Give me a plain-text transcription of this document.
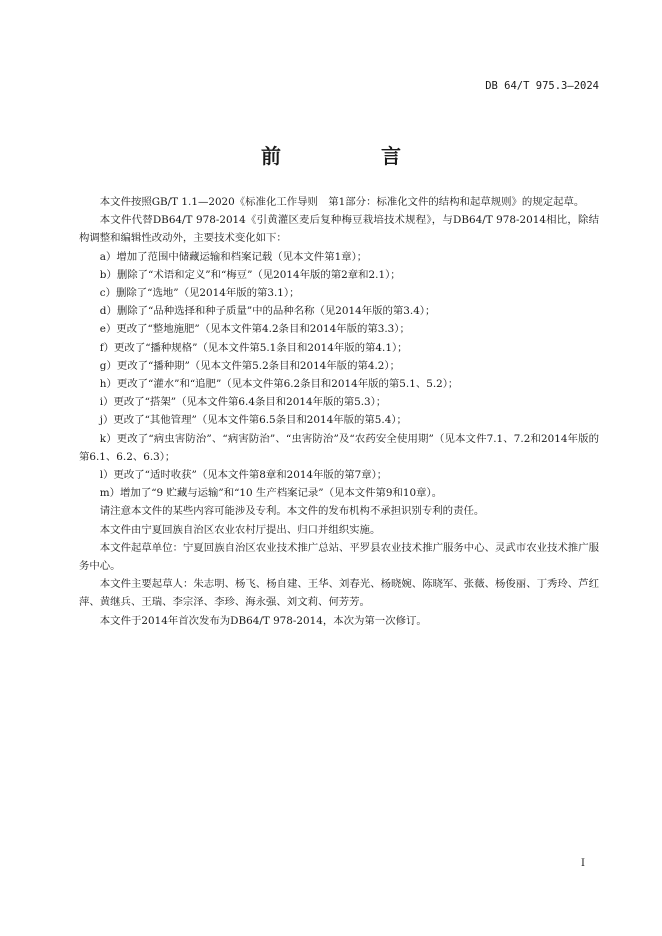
DB 64/T 975.3—2024
前　言

本文件按照GB/T 1.1—2020《标准化工作导则　第1部分：标准化文件的结构和起草规则》的规定起草。

本文件代替DB64/T 978-2014《引黄灌区麦后复种梅豆栽培技术规程》，与DB64/T 978-2014相比，除结构调整和编辑性改动外，主要技术变化如下：

a）增加了范围中储藏运输和档案记载（见本文件第1章）；

b）删除了“术语和定义”和“梅豆”（见2014年版的第2章和2.1）；

c）删除了“选地”（见2014年版的第3.1）；

d）删除了“品种选择和种子质量”中的品种名称（见2014年版的第3.4）；

e）更改了“整地施肥”（见本文件第4.2条目和2014年版的第3.3）；

f）更改了“播种规格”（见本文件第5.1条目和2014年版的第4.1）；

g）更改了“播种期”（见本文件第5.2条目和2014年版的第4.2）；

h）更改了“灌水”和“追肥”（见本文件第6.2条目和2014年版的第5.1、5.2）；

i）更改了“搭架”（见本文件第6.4条目和2014年版的第5.3）；

j）更改了“其他管理”（见本文件第6.5条目和2014年版的第5.4）；

k）更改了“病虫害防治”、“病害防治”、“虫害防治”及“农药安全使用期”（见本文件7.1、7.2和2014年版的第6.1、6.2、6.3）；

l）更改了“适时收获”（见本文件第8章和2014年版的第7章）；

m）增加了“9 贮藏与运输”和“10 生产档案记录”（见本文件第9和10章）。

请注意本文件的某些内容可能涉及专利。本文件的发布机构不承担识别专利的责任。

本文件由宁夏回族自治区农业农村厅提出、归口并组织实施。

本文件起草单位：宁夏回族自治区农业技术推广总站、平罗县农业技术推广服务中心、灵武市农业技术推广服务中心。

本文件主要起草人：朱志明、杨飞、杨自建、王华、刘春光、杨晓婉、陈晓军、张薇、杨俊丽、丁秀玲、芦红萍、黄继兵、王瑞、李宗泽、李珍、海永强、刘文莉、何芳芳。

本文件于2014年首次发布为DB64/T 978-2014，本次为第一次修订。

I
